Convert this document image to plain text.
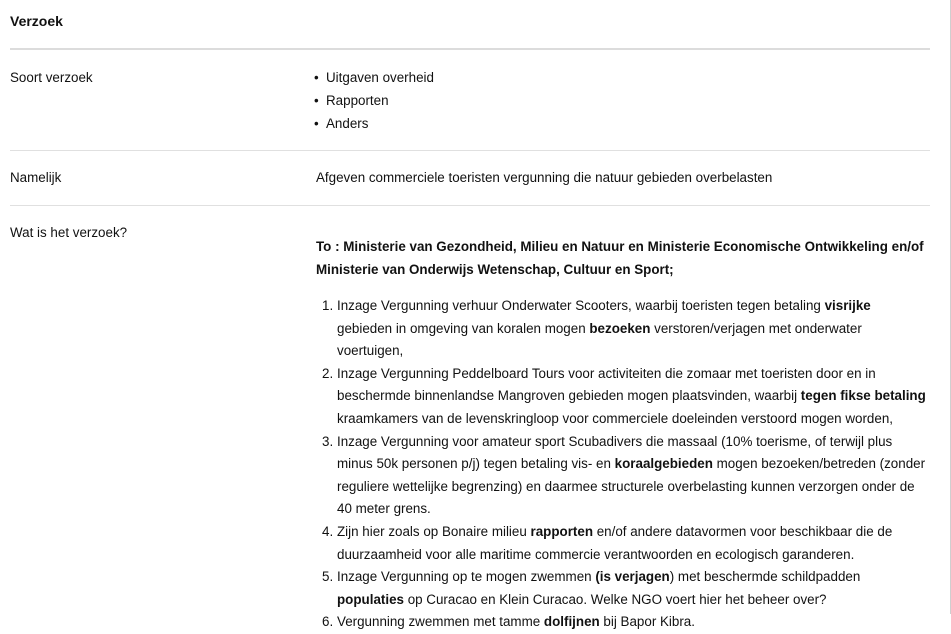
Verzoek
Soort verzoek	• Uitgaven overheid
• Rapporten
• Anders
Namelijk	Afgeven commerciele toeristen vergunning die natuur gebieden overbelasten
Wat is het verzoek?
To : Ministerie van Gezondheid, Milieu en Natuur en Ministerie Economische Ontwikkeling en/of Ministerie van Onderwijs Wetenschap, Cultuur en Sport;
1. Inzage Vergunning verhuur Onderwater Scooters, waarbij toeristen tegen betaling visrijke gebieden in omgeving van koralen mogen bezoeken verstoren/verjagen met onderwater voertuigen,
2. Inzage Vergunning Peddelboard Tours voor activiteiten die zomaar met toeristen door en in beschermde binnenlandse Mangroven gebieden mogen plaatsvinden, waarbij tegen fikse betaling kraamkamers van de levenskringloop voor commerciele doeleinden verstoord mogen worden,
3. Inzage Vergunning voor amateur sport Scubadivers die massaal (10% toerisme, of terwijl plus minus 50k personen p/j) tegen betaling vis- en koraalgebieden mogen bezoeken/betreden (zonder reguliere wettelijke begrenzing) en daarmee structurele overbelasting kunnen verzorgen onder de 40 meter grens.
4. Zijn hier zoals op Bonaire milieu rapporten en/of andere datavormen voor beschikbaar die de duurzaamheid voor alle maritime commercie verantwoorden en ecologisch garanderen.
5. Inzage Vergunning op te mogen zwemmen (is verjagen) met beschermde schildpadden populaties op Curacao en Klein Curacao. Welke NGO voert hier het beheer over?
6. Vergunning zwemmen met tamme dolfijnen bij Bapor Kibra.
